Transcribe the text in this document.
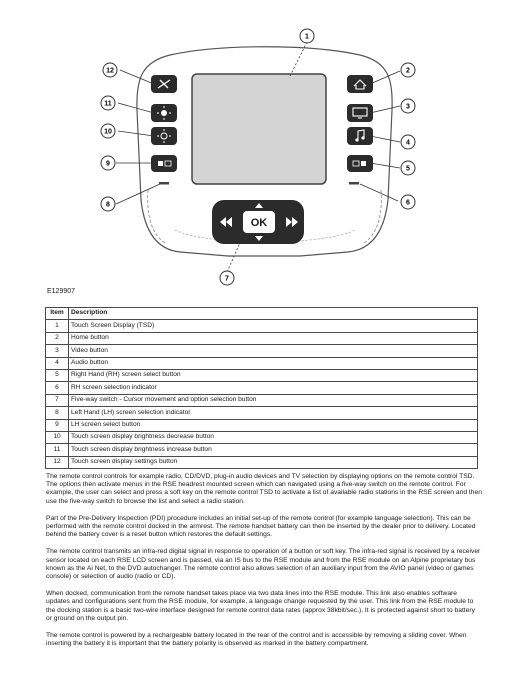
OK
1
2
3
4
5
6
7
8
9
10
11
12
E129907
Item	Description
1	Touch Screen Display (TSD)
2	Home button
3	Video button
4	Audio button
5	Right Hand (RH) screen select button
6	RH screen selection indicator
7	Five-way switch - Cursor movement and option selection button
8	Left Hand (LH) screen selection indicator
9	LH screen select button
10	Touch screen display brightness decrease button
11	Touch screen display brightness increase button
12	Touch screen display settings button

The remote control controls for example radio, CD/DVD, plug-in audio devices and TV selection by displaying options on the remote control TSD. The options then activate menus in the RSE headrest mounted screen which can navigated using a five-way switch on the remote control. For example, the user can select and press a soft key on the remote control TSD to activate a list of available radio stations in the RSE screen and then use the five-way switch to browse the list and select a radio station.

Part of the Pre-Delivery Inspection (PDI) procedure includes an initial set-up of the remote control (for example language selection). This can be performed with the remote control docked in the armrest. The remote handset battery can then be inserted by the dealer prior to delivery. Located behind the battery cover is a reset button which restores the default settings.

The remote control transmits an infra-red digital signal in response to operation of a button or soft key. The infra-red signal is received by a receiver sensor located on each RSE LCD screen and is passed, via an IS bus to the RSE module and from the RSE module on an Alpine proprietary bus known as the Ai Net, to the DVD autochanger. The remote control also allows selection of an auxiliary input from the AVIO panel (video or games console) or selection of audio (radio or CD).

When docked, communication from the remote handset takes place via two data lines into the RSE module. This link also enables software updates and configurations sent from the RSE module, for example, a language change requested by the user. This link from the RSE module to the docking station is a basic two-wire interface designed for remote control data rates (approx 38kbit/sec.). It is protected against short to battery or ground on the output pin.

The remote control is powered by a rechargeable battery located in the rear of the control and is accessible by removing a sliding cover. When inserting the battery it is important that the battery polarity is observed as marked in the battery compartment.
